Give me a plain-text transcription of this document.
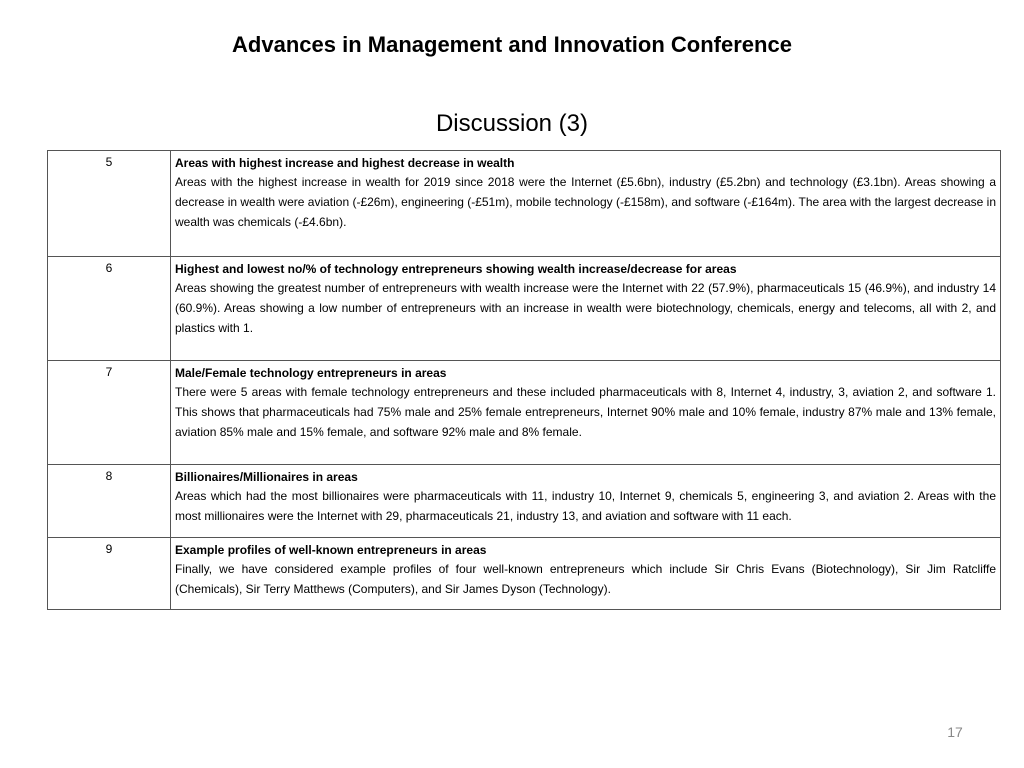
Advances in Management and Innovation Conference
Discussion (3)
5	Areas with highest increase and highest decrease in wealth
Areas with the highest increase in wealth for 2019 since 2018 were the Internet (£5.6bn), industry (£5.2bn) and technology (£3.1bn). Areas showing a decrease in wealth were aviation (-£26m), engineering (-£51m), mobile technology (-£158m), and software (-£164m). The area with the largest decrease in wealth was chemicals (-£4.6bn).

6	Highest and lowest no/% of technology entrepreneurs showing wealth increase/decrease for areas
Areas showing the greatest number of entrepreneurs with wealth increase were the Internet with 22 (57.9%), pharmaceuticals 15 (46.9%), and industry 14 (60.9%). Areas showing a low number of entrepreneurs with an increase in wealth were biotechnology, chemicals, energy and telecoms, all with 2, and plastics with 1.

7	Male/Female technology entrepreneurs in areas
There were 5 areas with female technology entrepreneurs and these included pharmaceuticals with 8, Internet 4, industry, 3, aviation 2, and software 1. This shows that pharmaceuticals had 75% male and 25% female entrepreneurs, Internet 90% male and 10% female, industry 87% male and 13% female, aviation 85% male and 15% female, and software 92% male and 8% female.

8	Billionaires/Millionaires in areas
Areas which had the most billionaires were pharmaceuticals with 11, industry 10, Internet 9, chemicals 5, engineering 3, and aviation 2. Areas with the most millionaires were the Internet with 29, pharmaceuticals 21, industry 13, and aviation and software with 11 each.

9	Example profiles of well-known entrepreneurs in areas
Finally, we have considered example profiles of four well-known entrepreneurs which include Sir Chris Evans (Biotechnology), Sir Jim Ratcliffe (Chemicals), Sir Terry Matthews (Computers), and Sir James Dyson (Technology).
17
